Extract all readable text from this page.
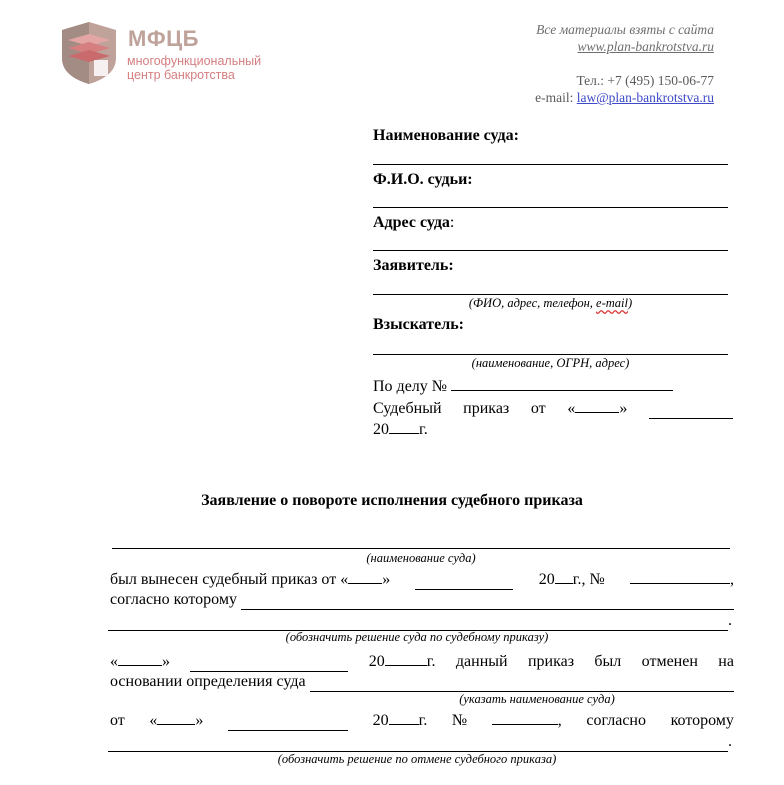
МФЦБ
многофункциональный
центр банкротства
Все материалы взяты с сайта
www.plan-bankrotstva.ru
Тел.: +7 (495) 150-06-77
e-mail: law@plan-bankrotstva.ru
Наименование суда:
Ф.И.О. судьи:
Адрес суда:
Заявитель:
(ФИО, адрес, телефон, e-mail)
Взыскатель:
(наименование, ОГРН, адрес)
По делу №
Судебный приказ от «	»
20 г.
Заявление о повороте исполнения судебного приказа
(наименование суда)
был вынесен судебный приказ от « »	20 г., №	,
согласно которому
.
(обозначить решение суда по судебному приказу)
«	»	20	г. данный приказ был отменен на
основании определения суда
(указать наименование суда)
от « »	20 г. №	, согласно которому
.
(обозначить решение по отмене судебного приказа)
